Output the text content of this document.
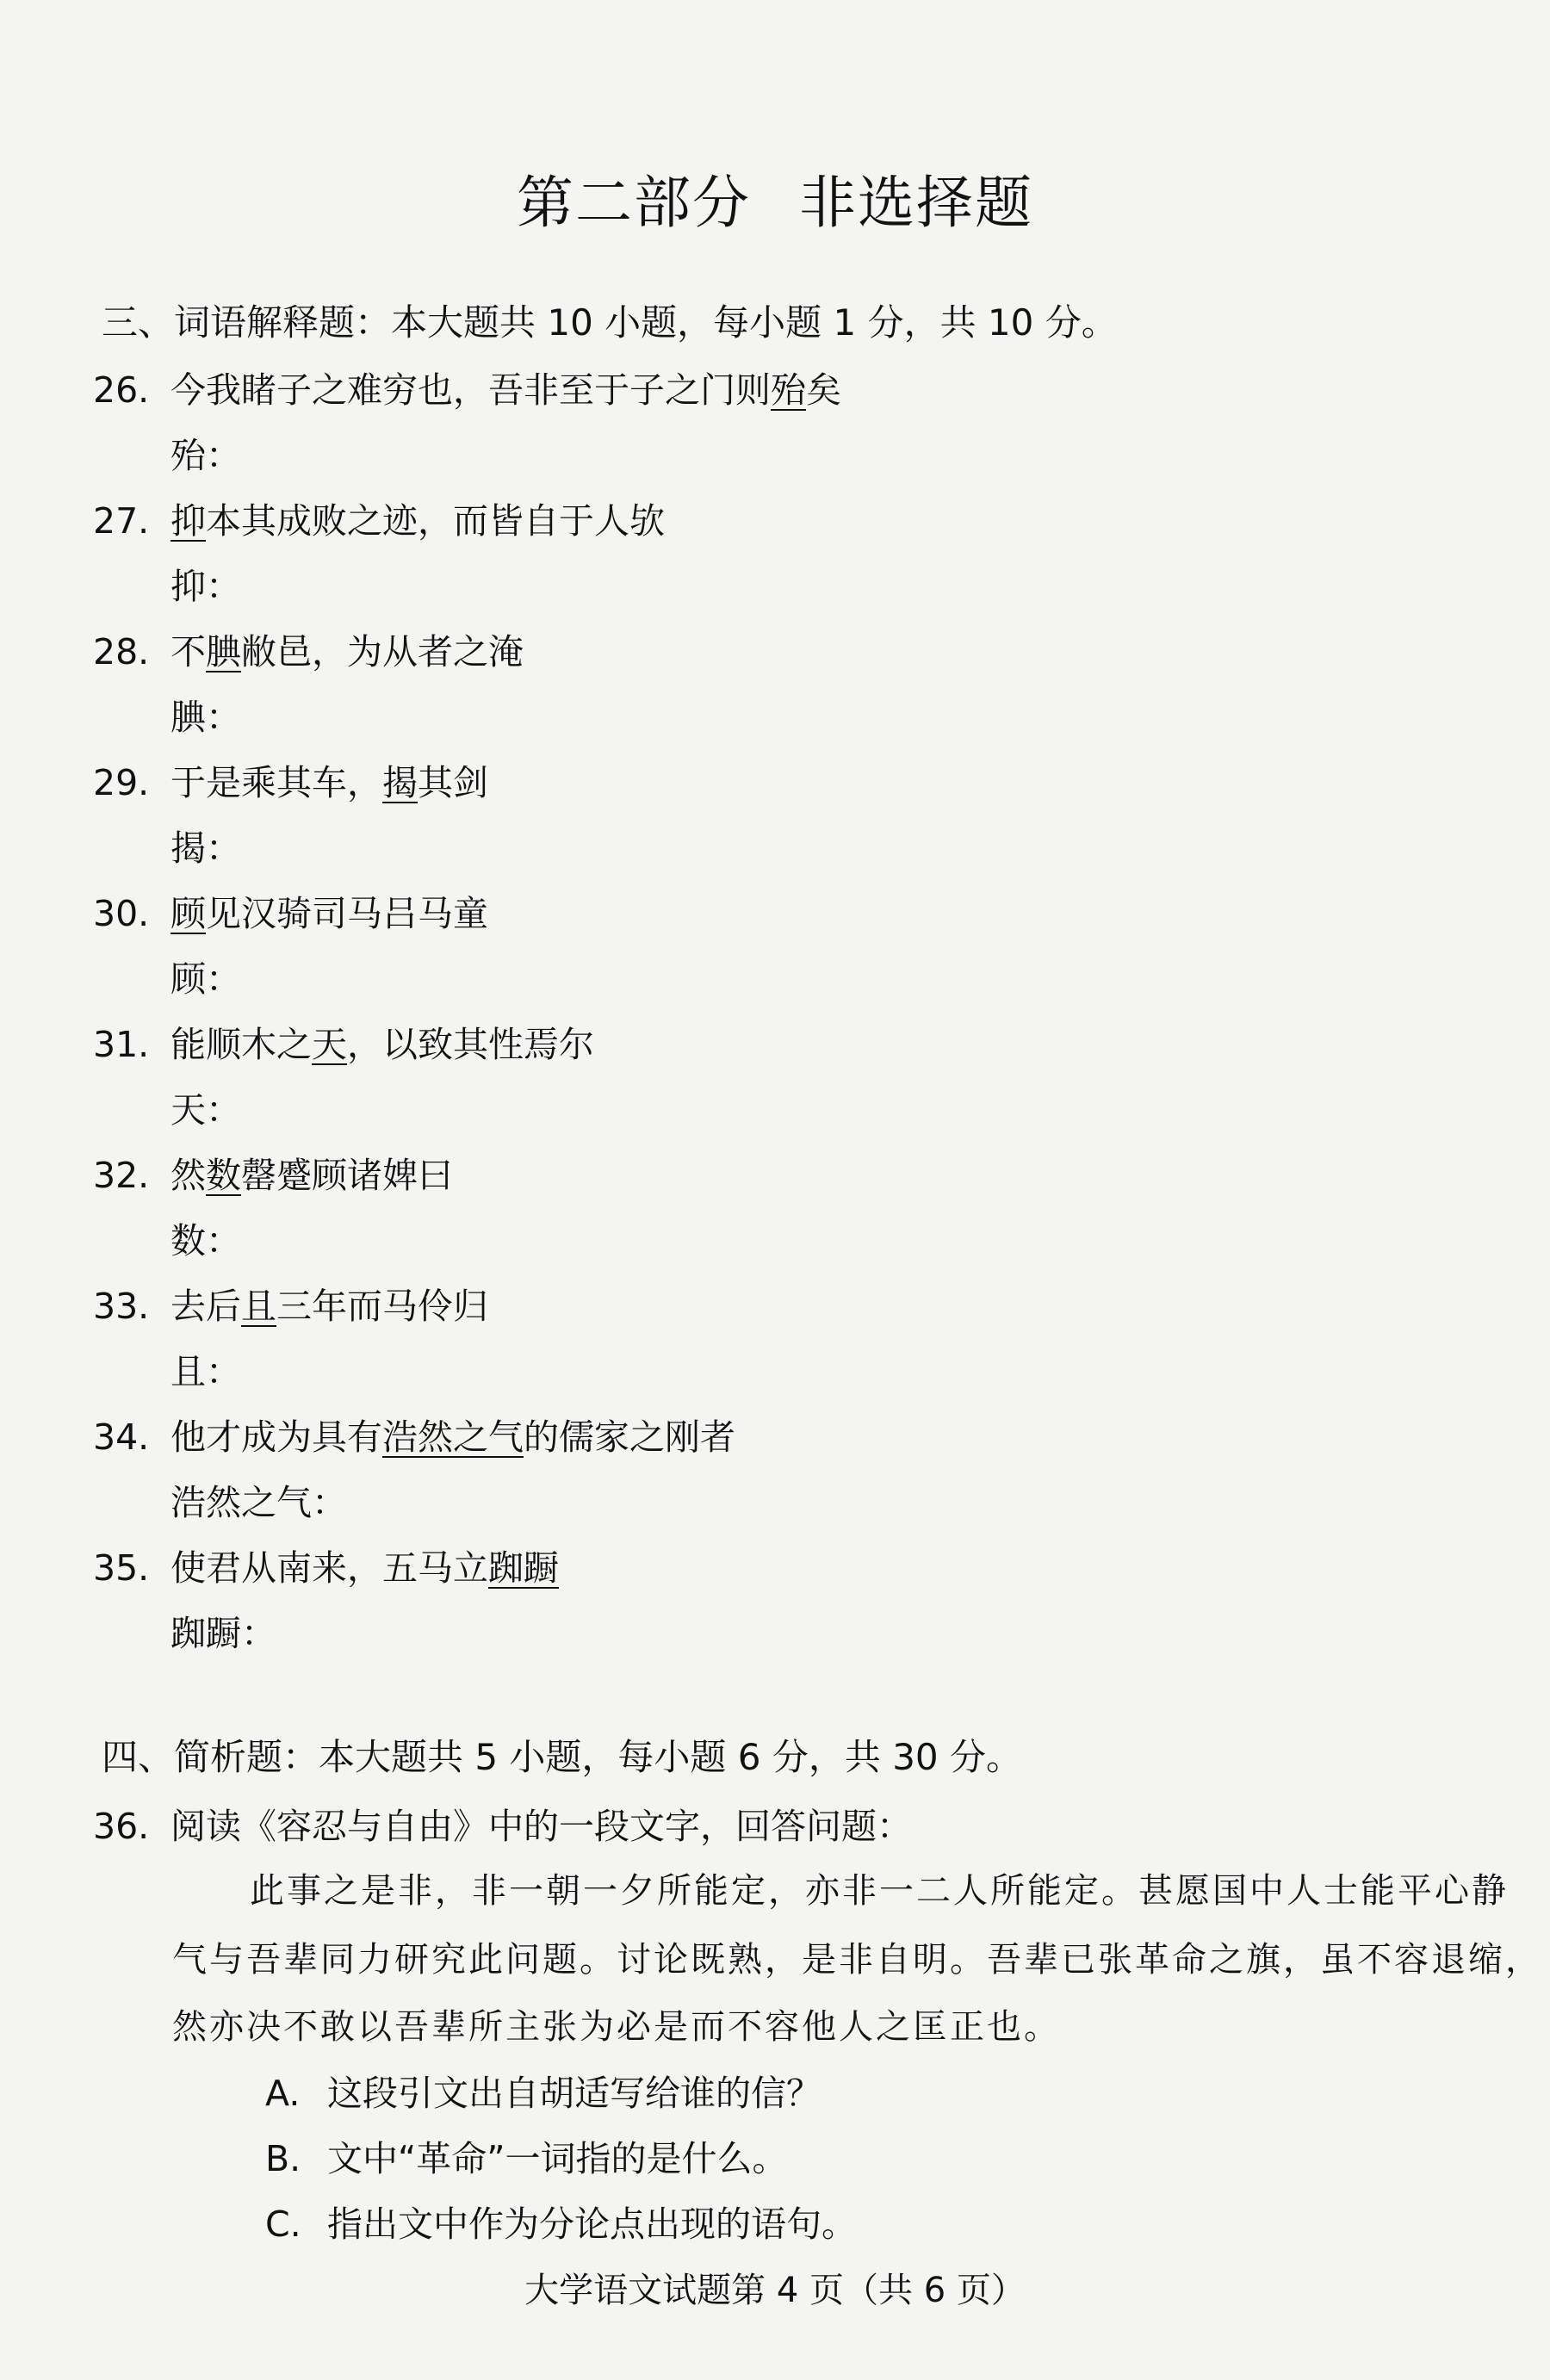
第二部分 非选择题
三、词语解释题：本大题共 10 小题，每小题 1 分，共 10 分。
26. 今我睹子之难穷也，吾非至于子之门则殆矣
殆：
27. 抑本其成败之迹，而皆自于人欤
抑：
28. 不腆敝邑，为从者之淹
腆：
29. 于是乘其车，揭其剑
揭：
30. 顾见汉骑司马吕马童
顾：
31. 能顺木之天，以致其性焉尔
天：
32. 然数罄蹙顾诸婢曰
数：
33. 去后且三年而马伶归
且：
34. 他才成为具有浩然之气的儒家之刚者
浩然之气：
35. 使君从南来，五马立踟蹰
踟蹰：
四、简析题：本大题共 5 小题，每小题 6 分，共 30 分。
36. 阅读《容忍与自由》中的一段文字，回答问题：
此事之是非，非一朝一夕所能定，亦非一二人所能定。甚愿国中人士能平心静
气与吾辈同力研究此问题。讨论既熟，是非自明。吾辈已张革命之旗，虽不容退缩，
然亦决不敢以吾辈所主张为必是而不容他人之匡正也。
A. 这段引文出自胡适写给谁的信？
B. 文中“革命”一词指的是什么。
C. 指出文中作为分论点出现的语句。
大学语文试题第 4 页（共 6 页）
